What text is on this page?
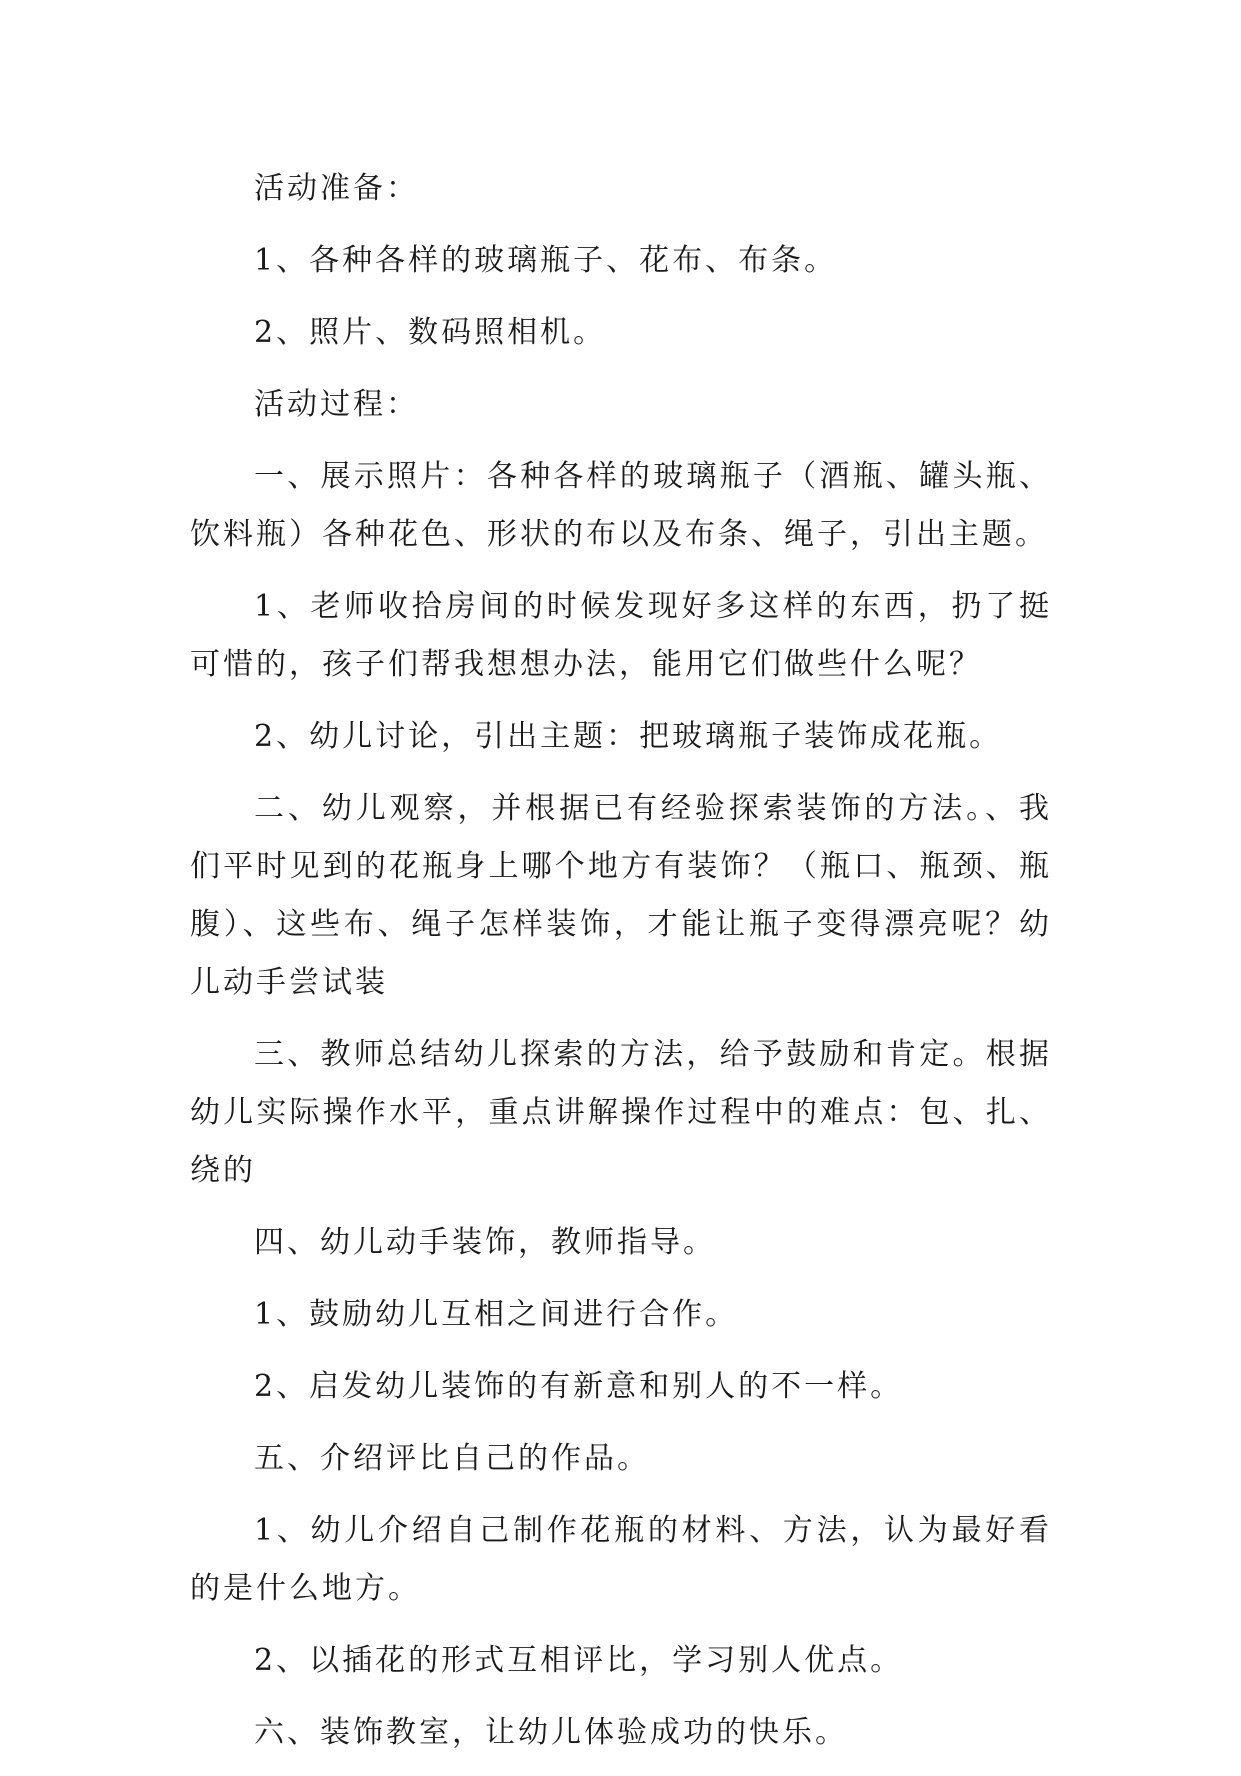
活动准备：

1、各种各样的玻璃瓶子、花布、布条。

2、照片、数码照相机。

活动过程：

一、展示照片：各种各样的玻璃瓶子（酒瓶、罐头瓶、饮料瓶）各种花色、形状的布以及布条、绳子，引出主题。

1、老师收拾房间的时候发现好多这样的东西，扔了挺可惜的，孩子们帮我想想办法，能用它们做些什么呢？

2、幼儿讨论，引出主题：把玻璃瓶子装饰成花瓶。

二、幼儿观察，并根据已有经验探索装饰的方法。、我们平时见到的花瓶身上哪个地方有装饰？（瓶口、瓶颈、瓶腹）、这些布、绳子怎样装饰，才能让瓶子变得漂亮呢？幼儿动手尝试装

三、教师总结幼儿探索的方法，给予鼓励和肯定。根据幼儿实际操作水平，重点讲解操作过程中的难点：包、扎、绕的

四、幼儿动手装饰，教师指导。

1、鼓励幼儿互相之间进行合作。

2、启发幼儿装饰的有新意和别人的不一样。

五、介绍评比自己的作品。

1、幼儿介绍自己制作花瓶的材料、方法，认为最好看的是什么地方。

2、以插花的形式互相评比，学习别人优点。

六、装饰教室，让幼儿体验成功的快乐。
